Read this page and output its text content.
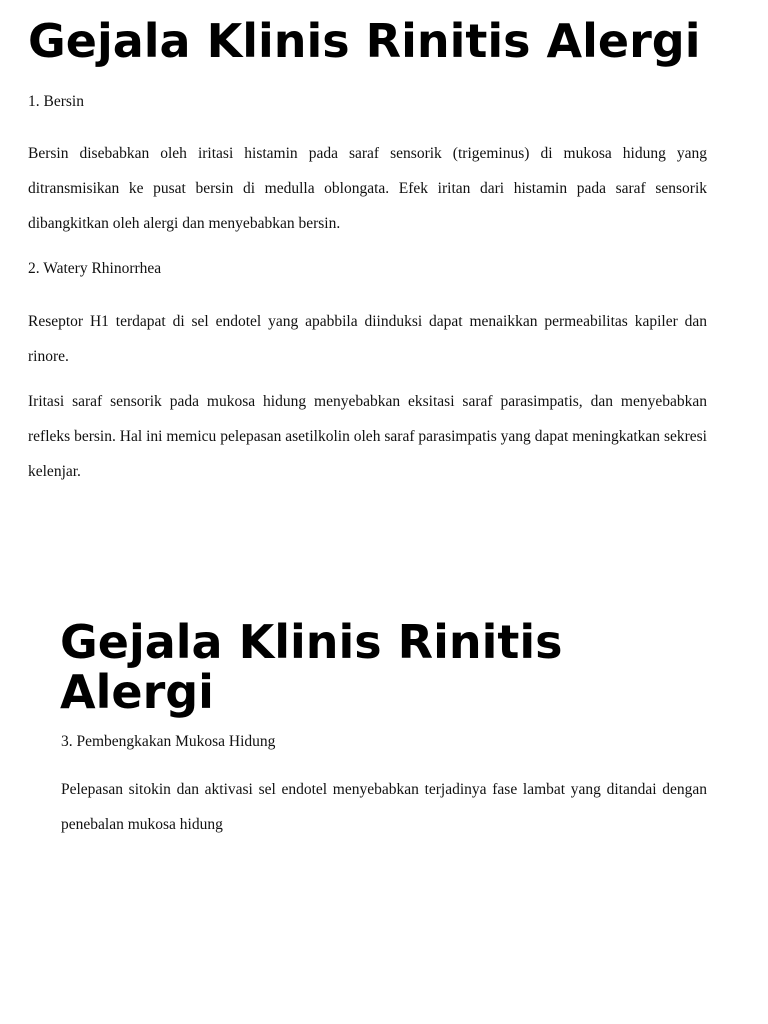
Gejala Klinis Rinitis Alergi

1. Bersin

Bersin disebabkan oleh iritasi histamin pada saraf sensorik (trigeminus) di mukosa hidung yang ditransmisikan ke pusat bersin di medulla oblongata. Efek iritan dari histamin pada saraf sensorik dibangkitkan oleh alergi dan menyebabkan bersin.

2. Watery Rhinorrhea

Reseptor H1 terdapat di sel endotel yang apabbila diinduksi dapat menaikkan permeabilitas kapiler dan rinore.

Iritasi saraf sensorik pada mukosa hidung menyebabkan eksitasi saraf parasimpatis, dan menyebabkan refleks bersin. Hal ini memicu pelepasan asetilkolin oleh saraf parasimpatis yang dapat meningkatkan sekresi kelenjar.

Gejala Klinis Rinitis Alergi

3. Pembengkakan Mukosa Hidung

Pelepasan sitokin dan aktivasi sel endotel menyebabkan terjadinya fase lambat yang ditandai dengan penebalan mukosa hidung
